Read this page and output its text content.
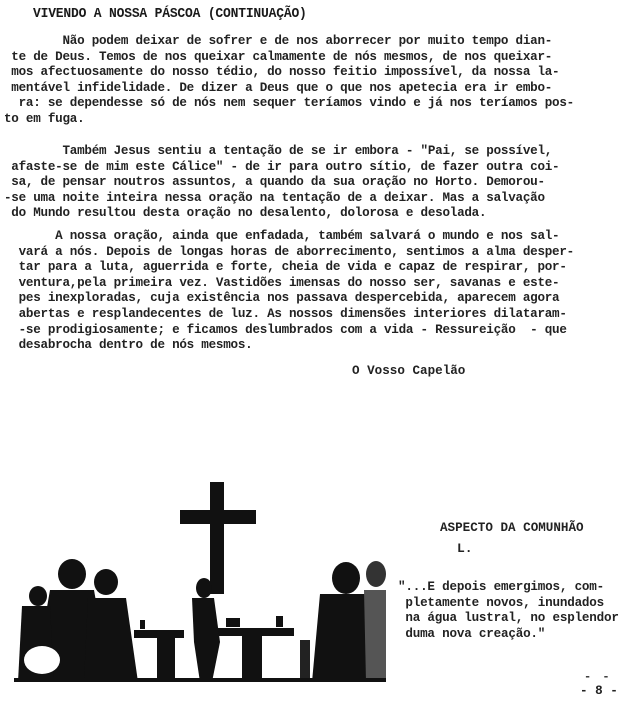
VIVENDO A NOSSA PÁSCOA (CONTINUAÇÃO)
Não podem deixar de sofrer e de nos aborrecer por muito tempo dian-
te de Deus. Temos de nos queixar calmamente de nós mesmos, de nos queixar-
mos afectuosamente do nosso tédio, do nosso feitio impossível, da nossa la-
mentável infidelidade. De dizer a Deus que o que nos apetecia era ir embo-
ra: se dependesse só de nós nem sequer teríamos vindo e já nos teríamos pos-
to em fuga.
Também Jesus sentiu a tentação de se ir embora - "Pai, se possível,
afaste-se de mim este Cálice" - de ir para outro sítio, de fazer outra coi-
sa, de pensar noutros assuntos, a quando da sua oração no Horto. Demorou-
-se uma noite inteira nessa oração na tentação de a deixar. Mas a salvação
do Mundo resultou desta oração no desalento, dolorosa e desolada.
A nossa oração, ainda que enfadada, também salvará o mundo e nos sal-
vará a nós. Depois de longas horas de aborrecimento, sentimos a alma desper-
tar para a luta, aguerrida e forte, cheia de vida e capaz de respirar, por-
ventura,pela primeira vez. Vastidões imensas do nosso ser, savanas e este-
pes inexploradas, cuja existência nos passava despercebida, aparecem agora
abertas e resplandecentes de luz. As nossos dimensões interiores dilataram-
-se prodigiosamente; e ficamos deslumbrados com a vida - Ressureição  - que
desabrocha dentro de nós mesmos.
O Vosso Capelão
ASPECTO DA COMUNHÃO
L.
"...E depois emergimos, com-
pletamente novos, inundados
na água lustral, no esplendor
duma nova creação."
- -
- 8 -
